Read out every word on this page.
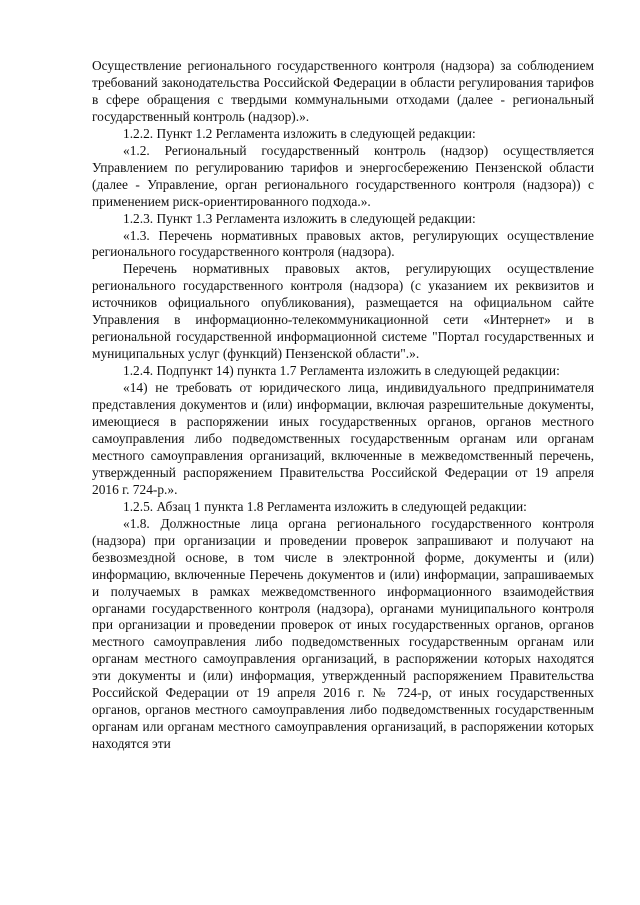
Осуществление регионального государственного контроля (надзора) за соблюдением требований законодательства Российской Федерации в области регулирования тарифов в сфере обращения с твердыми коммунальными отходами (далее - региональный государственный контроль (надзор).».

1.2.2. Пункт 1.2 Регламента изложить в следующей редакции:

«1.2. Региональный государственный контроль (надзор) осуществляется Управлением по регулированию тарифов и энергосбережению Пензенской области (далее - Управление, орган регионального государственного контроля (надзора)) с применением риск-ориентированного подхода.».

1.2.3. Пункт 1.3 Регламента изложить в следующей редакции:

«1.3. Перечень нормативных правовых актов, регулирующих осуществление регионального государственного контроля (надзора).

Перечень нормативных правовых актов, регулирующих осуществление регионального государственного контроля (надзора) (с указанием их реквизитов и источников официального опубликования), размещается на официальном сайте Управления в информационно-телекоммуникационной сети «Интернет» и в региональной государственной информационной системе "Портал государственных и муниципальных услуг (функций) Пензенской области".».

1.2.4. Подпункт 14) пункта 1.7 Регламента изложить в следующей редакции:

«14) не требовать от юридического лица, индивидуального предпринимателя представления документов и (или) информации, включая разрешительные документы, имеющиеся в распоряжении иных государственных органов, органов местного самоуправления либо подведомственных государственным органам или органам местного самоуправления организаций, включенные в межведомственный перечень, утвержденный распоряжением Правительства Российской Федерации от 19 апреля 2016 г. 724-р.».

1.2.5. Абзац 1 пункта 1.8 Регламента изложить в следующей редакции:

«1.8. Должностные лица органа регионального государственного контроля (надзора) при организации и проведении проверок запрашивают и получают на безвозмездной основе, в том числе в электронной форме, документы и (или) информацию, включенные Перечень документов и (или) информации, запрашиваемых и получаемых в рамках межведомственного информационного взаимодействия органами государственного контроля (надзора), органами муниципального контроля при организации и проведении проверок от иных государственных органов, органов местного самоуправления либо подведомственных государственным органам или органам местного самоуправления организаций, в распоряжении которых находятся эти документы и (или) информация, утвержденный распоряжением Правительства Российской Федерации от 19 апреля 2016 г. № 724-р, от иных государственных органов, органов местного самоуправления либо подведомственных государственным органам или органам местного самоуправления организаций, в распоряжении которых находятся эти
